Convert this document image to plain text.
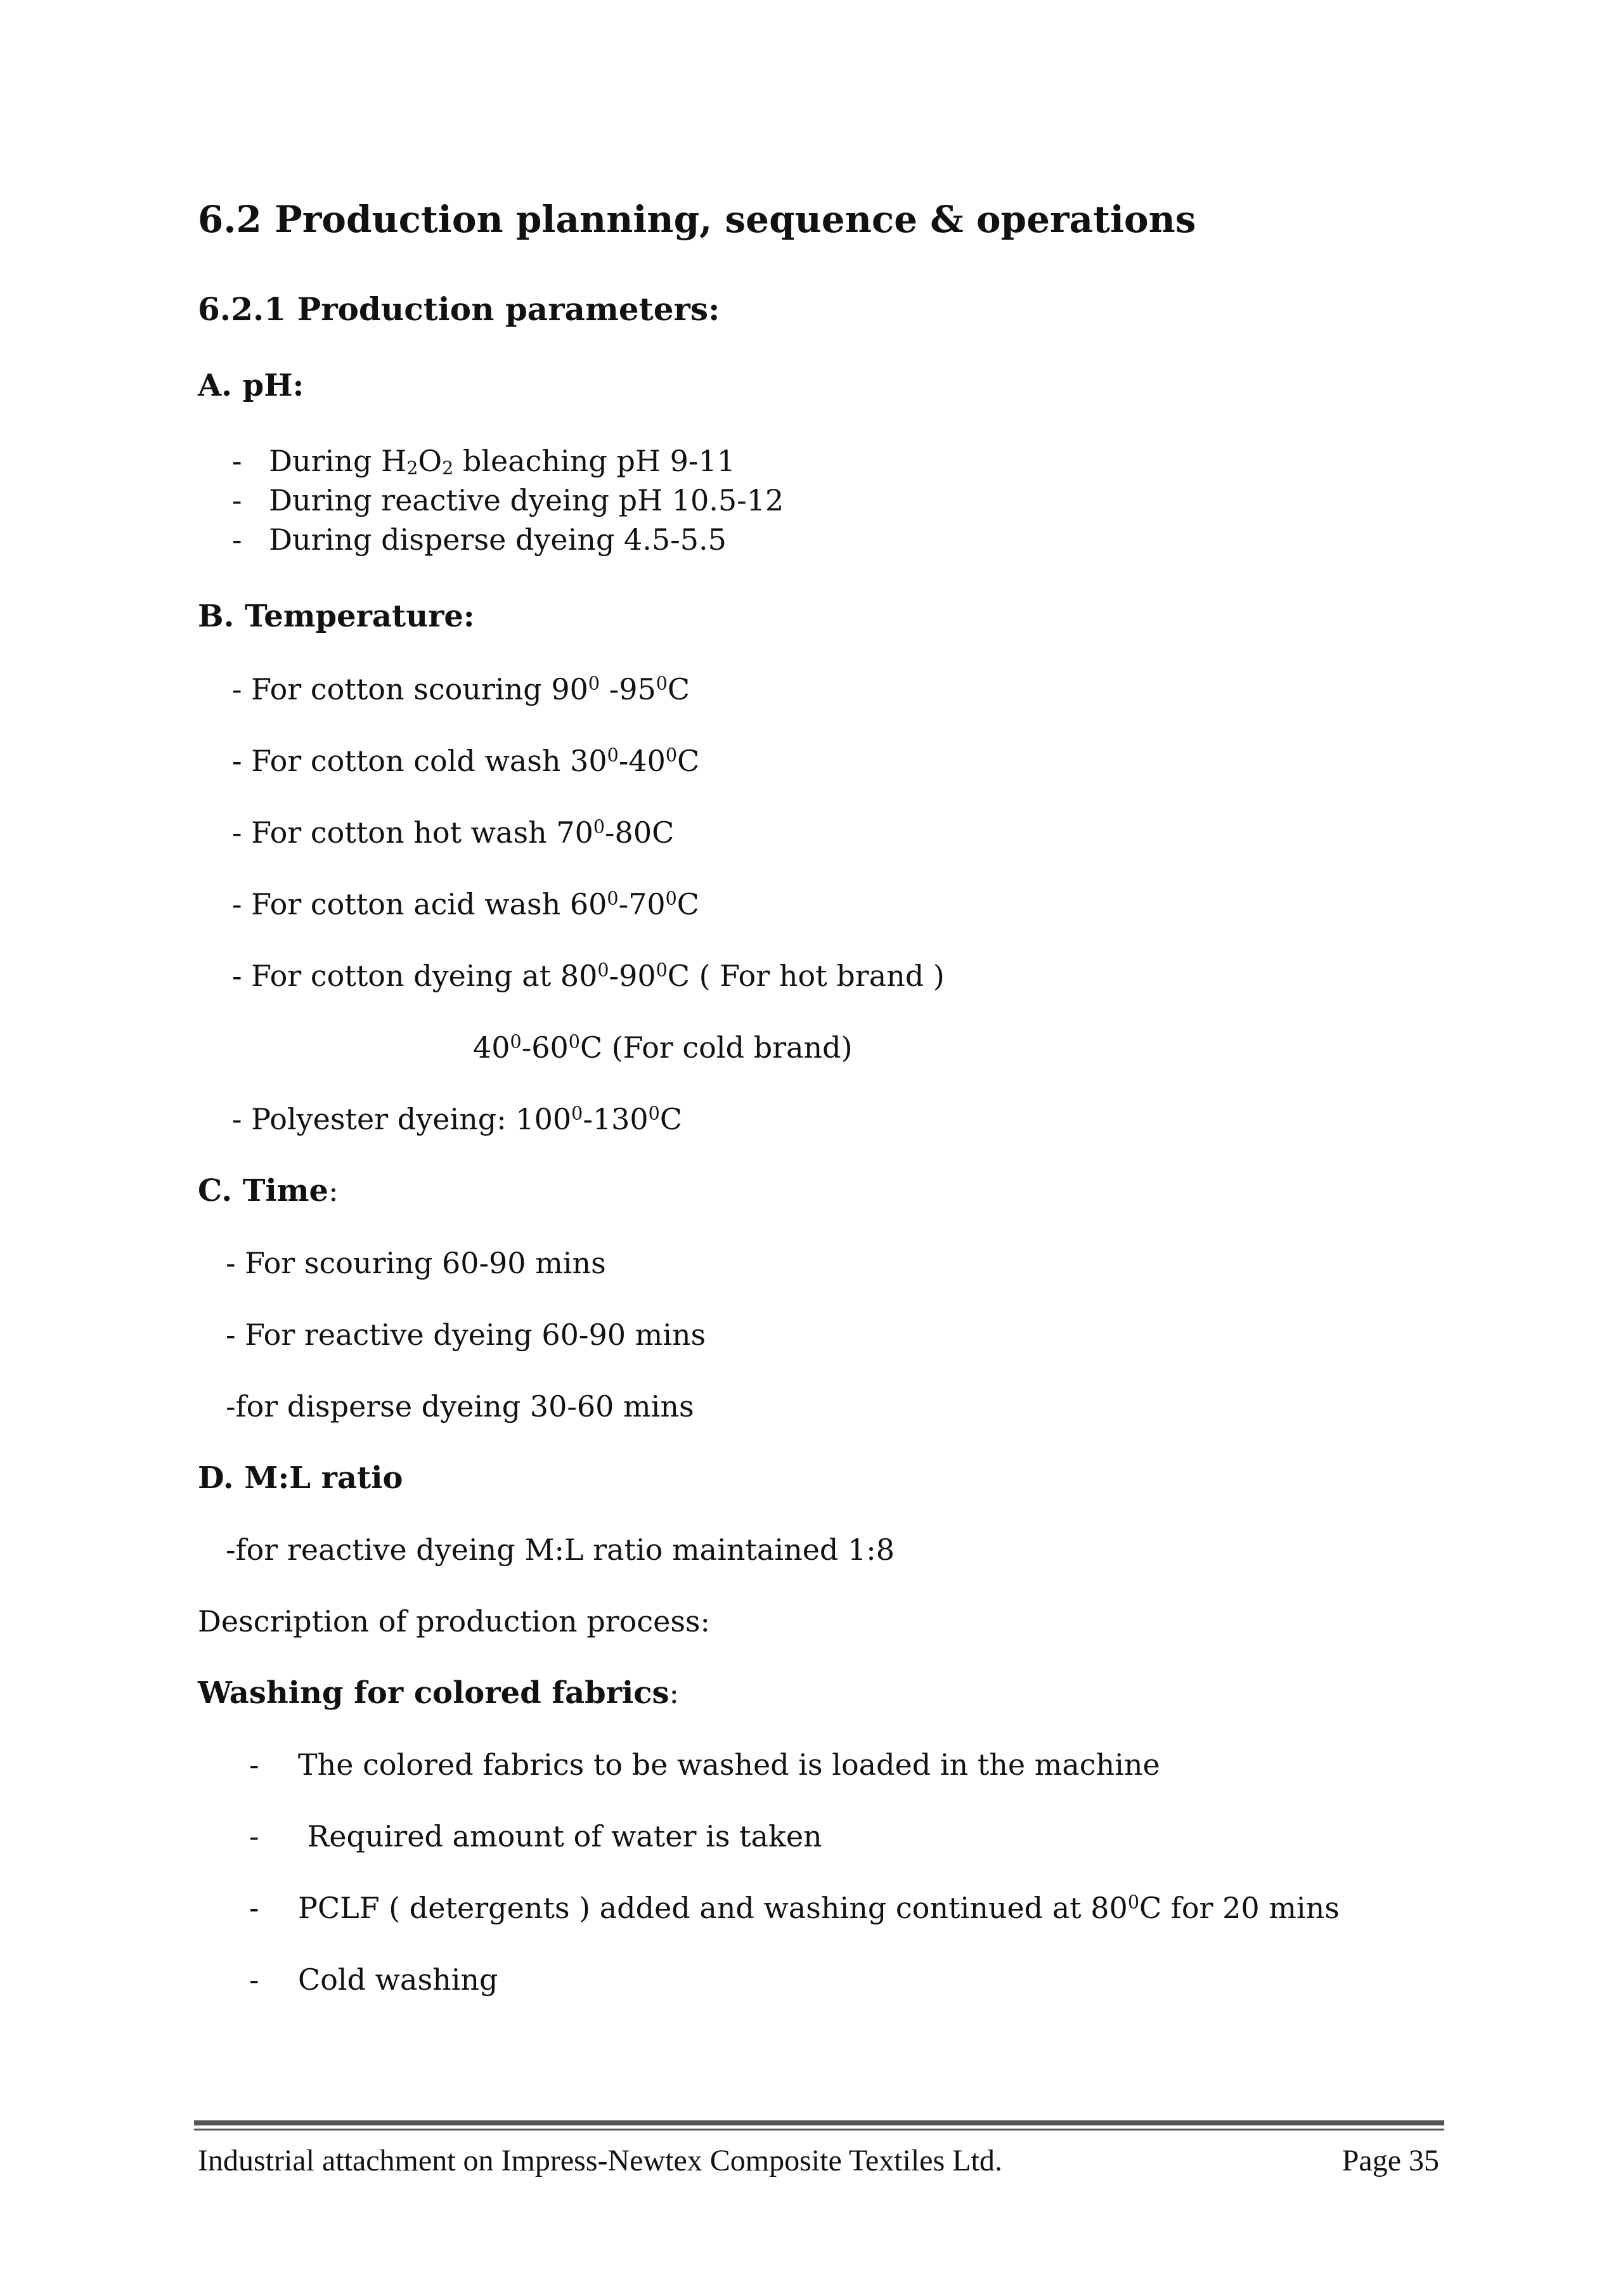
6.2 Production planning, sequence & operations
6.2.1 Production parameters:
A. pH:
- During $H_2O_2$ bleaching pH 9-11
- During reactive dyeing pH 10.5-12
- During disperse dyeing 4.5-5.5
B. Temperature:
- For cotton scouring $90^0$ $-95^0C$
- For cotton cold wash $30^0-40^0C$
- For cotton hot wash $70^0-80C$
- For cotton acid wash $60^0-70^0C$
- For cotton dyeing at $80^0-90^0C$ ( For hot brand )
$40^0-60^0C$ (For cold brand)
- Polyester dyeing: $100^0-130^0C$
C. Time:
- For scouring 60-90 mins
- For reactive dyeing 60-90 mins
-for disperse dyeing 30-60 mins
D. M:L ratio
-for reactive dyeing M:L ratio maintained 1:8
Description of production process:
Washing for colored fabrics:
- The colored fabrics to be washed is loaded in the machine
- Required amount of water is taken
- PCLF ( detergents ) added and washing continued at $80^0C$ for 20 mins
- Cold washing
Industrial attachment on Impress-Newtex Composite Textiles Ltd.	Page 35
